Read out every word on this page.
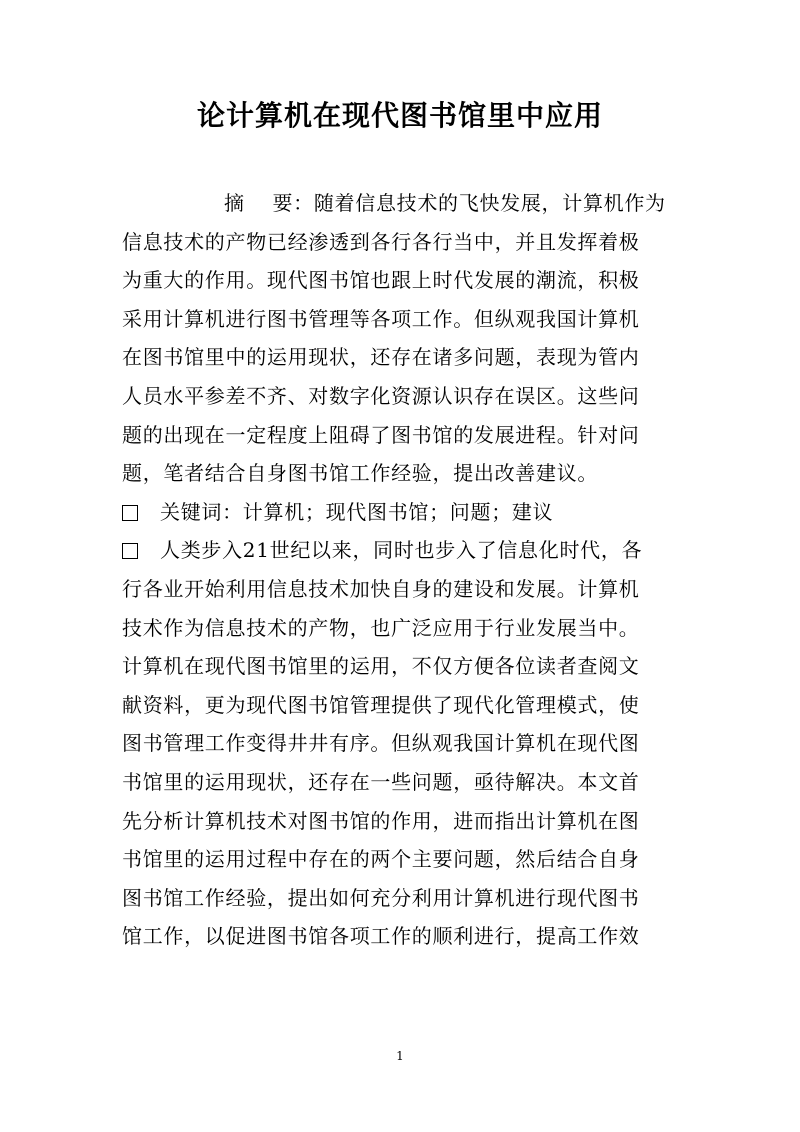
论计算机在现代图书馆里中应用
摘　 要：随着信息技术的飞快发展，计算机作为
信息技术的产物已经渗透到各行各行当中，并且发挥着极
为重大的作用。现代图书馆也跟上时代发展的潮流，积极
采用计算机进行图书管理等各项工作。但纵观我国计算机
在图书馆里中的运用现状，还存在诸多问题，表现为管内
人员水平参差不齐、对数字化资源认识存在误区。这些问
题的出现在一定程度上阻碍了图书馆的发展进程。针对问
题，笔者结合自身图书馆工作经验，提出改善建议。
关键词：计算机；现代图书馆；问题；建议
人类步入21世纪以来，同时也步入了信息化时代，各
行各业开始利用信息技术加快自身的建设和发展。计算机
技术作为信息技术的产物，也广泛应用于行业发展当中。
计算机在现代图书馆里的运用，不仅方便各位读者查阅文
献资料，更为现代图书馆管理提供了现代化管理模式，使
图书管理工作变得井井有序。但纵观我国计算机在现代图
书馆里的运用现状，还存在一些问题，亟待解决。本文首
先分析计算机技术对图书馆的作用，进而指出计算机在图
书馆里的运用过程中存在的两个主要问题，然后结合自身
图书馆工作经验，提出如何充分利用计算机进行现代图书
馆工作，以促进图书馆各项工作的顺利进行，提高工作效
1
